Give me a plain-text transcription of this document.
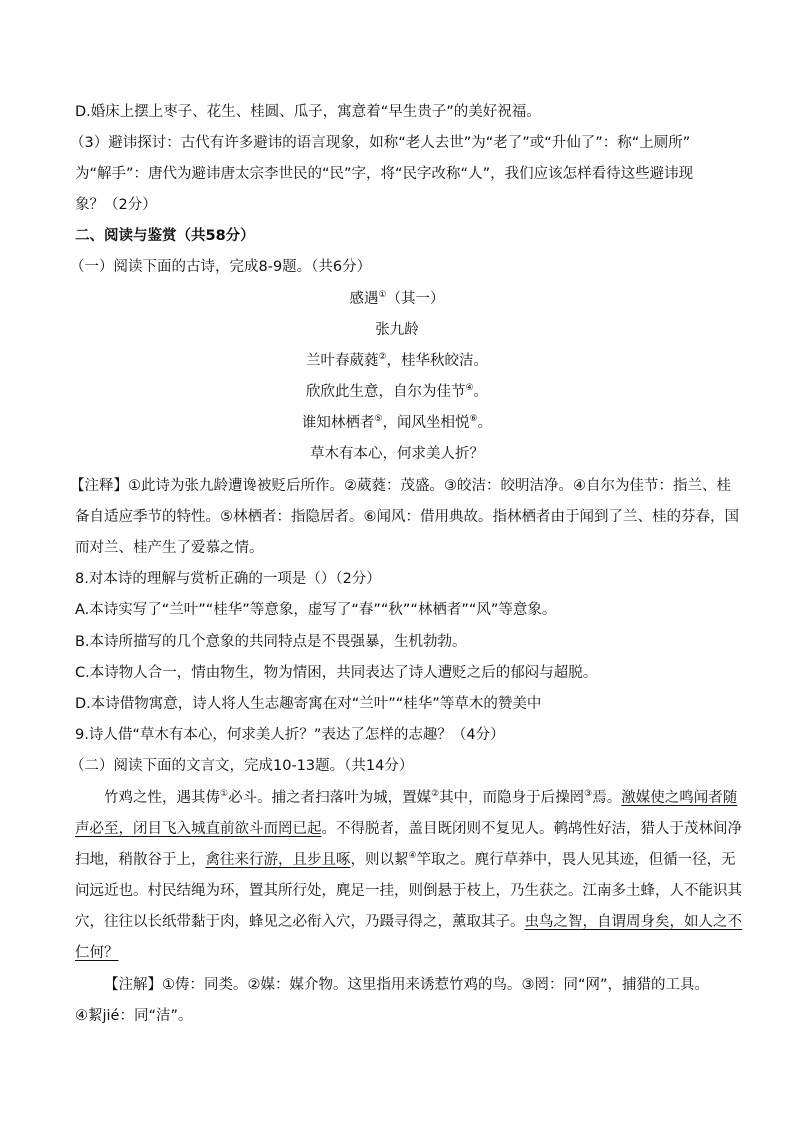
D.婚床上摆上枣子、花生、桂圆、瓜子，寓意着“早生贵子”的美好祝福。
（3）避讳探讨：古代有许多避讳的语言现象，如称“老人去世”为“老了”或“升仙了”：称“上厕所”
为“解手”：唐代为避讳唐太宗李世民的“民”字，将“民字改称“人”，我们应该怎样看待这些避讳现
象？（2分）
二、阅读与鉴赏（共58分）
（一）阅读下面的古诗，完成8-9题。（共6分）
感遇①（其一）
张九龄
兰叶春葳蕤②，桂华秋皎洁。
欣欣此生意，自尔为佳节④。
谁知林栖者⑤，闻风坐相悦⑥。
草木有本心，何求美人折？
【注释】①此诗为张九龄遭谗被贬后所作。②葳蕤：茂盛。③皎洁：皎明洁净。④自尔为佳节：指兰、桂
备自适应季节的特性。⑤林栖者：指隐居者。⑥闻风：借用典故。指林栖者由于闻到了兰、桂的芬春，国
而对兰、桂产生了爱慕之情。
8.对本诗的理解与赏析正确的一项是（）（2分）
A.本诗实写了“兰叶”“桂华”等意象，虚写了“春”“秋”“林栖者”“风”等意象。
B.本诗所描写的几个意象的共同特点是不畏强暴，生机勃勃。
C.本诗物人合一，情由物生，物为情困，共同表达了诗人遭贬之后的郁闷与超脱。
D.本诗借物寓意，诗人将人生志趣寄寓在对“兰叶”“桂华”等草木的赞美中
9.诗人借“草木有本心，何求美人折？”表达了怎样的志趣？（4分）
（二）阅读下面的文言文，完成10-13题。（共14分）
竹鸡之性，遇其俦①必斗。捕之者扫落叶为城，置媒②其中，而隐身于后操罔③焉。激媒使之鸣闻者随
声必至，闭目飞入城直前欲斗而罔已起。不得脱者，盖目既闭则不复见人。鹌鸪性好洁，猎人于茂林间净
扫地，稍散谷于上，禽往来行游，且步且啄，则以絜④竿取之。麂行草莽中，畏人见其迹，但循一径，无
问远近也。村民结绳为环，置其所行处，麂足一挂，则倒悬于枝上，乃生获之。江南多土蜂，人不能识其
穴，往往以长纸带黏于肉，蜂见之必衔入穴，乃蹑寻得之，薰取其子。虫鸟之智，自谓周身矣，如人之不
仁何？
【注解】①俦：同类。②媒：媒介物。这里指用来诱惹竹鸡的鸟。③罔：同“网”，捕猎的工具。
④絜jié：同“洁”。
